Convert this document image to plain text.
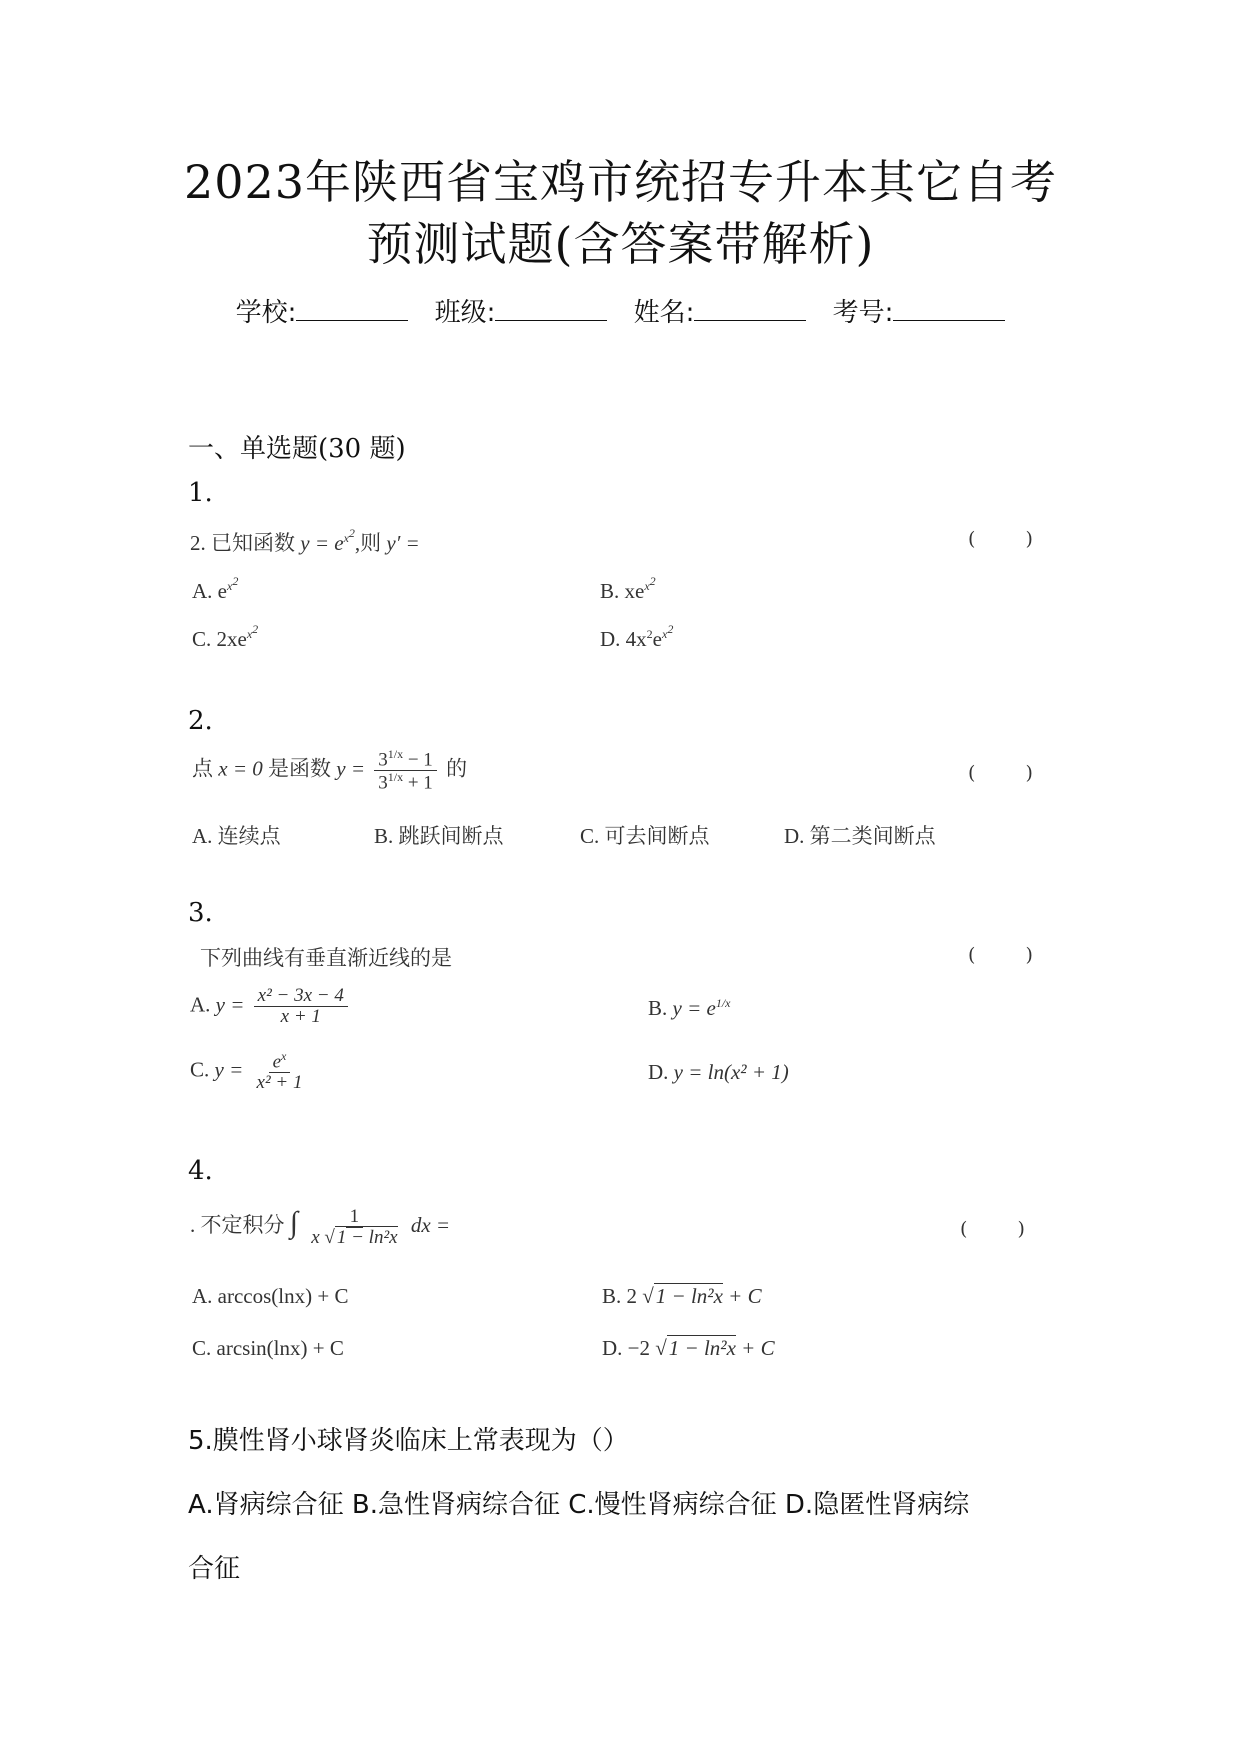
2023年陕西省宝鸡市统招专升本其它自考
预测试题(含答案带解析)
学校:	班级:	姓名:	考号:
一、单选题(30 题)
1.
2. 已知函数 $y = e^{x^2}$,则 y′ =	( )
A. $e^{x^2}$	B. $xe^{x^2}$
C. $2xe^{x^2}$	D. $4x^2e^{x^2}$
2.
点 x = 0 是函数 $y = \frac{3^{1/x} - 1}{3^{1/x} + 1}$ 的	( )
A. 连续点	B. 跳跃间断点	C. 可去间断点	D. 第二类间断点
3.
下列曲线有垂直渐近线的是	( )
A. $y = \frac{\text{x² − 3x − 4}}{x + 1}$	B. $y = e^{1/x}$
C. $y = \frac{e^x}{\text{x² + 1}}$	D. y = ln(x² + 1)
4.
. 不定积分 ∫ $\frac{1}{\text{x √ 1 − ln²x}}$ dx =	( )
A. arccos(lnx) + C	B. 2 √1 − ln²x + C
C. arcsin(lnx) + C	D. −2 √1 − ln²x + C
5.膜性肾小球肾炎临床上常表现为（）
A.肾病综合征 B.急性肾病综合征 C.慢性肾病综合征 D.隐匿性肾病综
合征
